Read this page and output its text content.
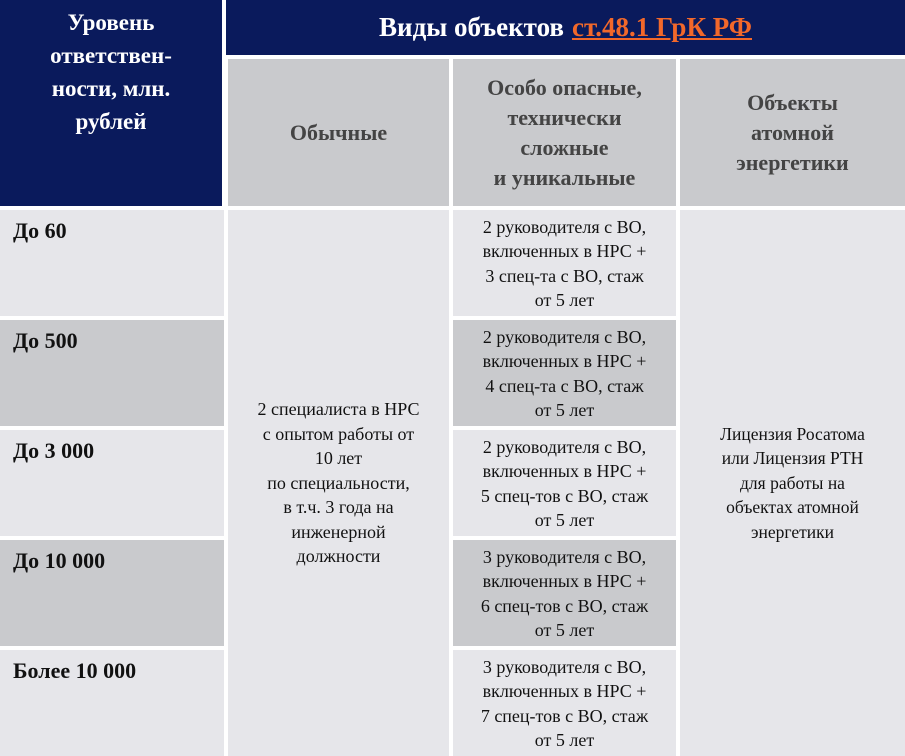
Уровень
ответствен-
ности, млн.
рублей
Виды объектов ст.48.1 ГрК РФ
Обычные
Особо опасные,
технически
сложные
и уникальные
Объекты
атомной
энергетики
До 60
До 500
До 3 000
До 10 000
Более 10 000
2 специалиста в НРС
с опытом работы от
10 лет
по специальности,
в т.ч. 3 года на
инженерной
должности
2 руководителя с ВО,
включенных в НРС +
3 спец-та с ВО, стаж
от 5 лет
2 руководителя с ВО,
включенных в НРС +
4 спец-та с ВО, стаж
от 5 лет
2 руководителя с ВО,
включенных в НРС +
5 спец-тов с ВО, стаж
от 5 лет
3 руководителя с ВО,
включенных в НРС +
6 спец-тов с ВО, стаж
от 5 лет
3 руководителя с ВО,
включенных в НРС +
7 спец-тов с ВО, стаж
от 5 лет
Лицензия Росатома
или Лицензия РТН
для работы на
объектах атомной
энергетики
